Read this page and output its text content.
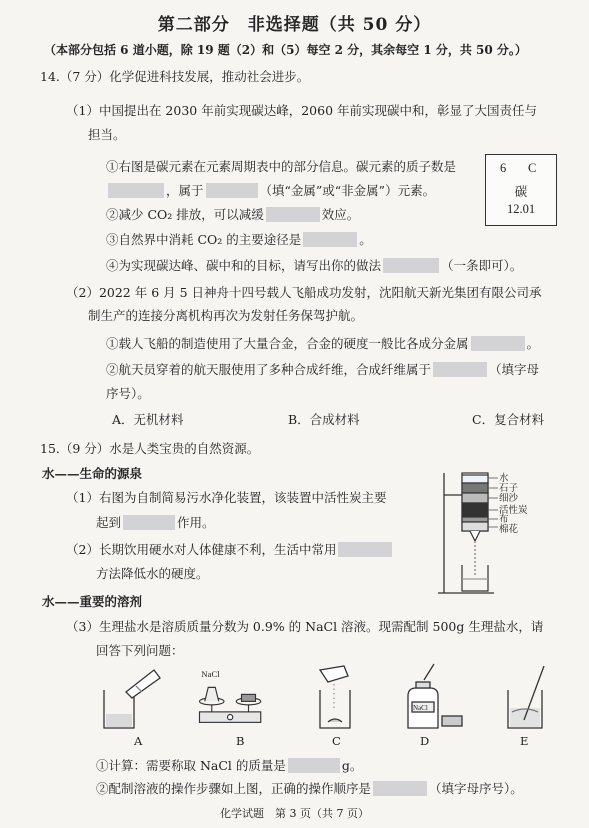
第二部分　非选择题（共 50 分）
（本部分包括 6 道小题，除 19 题（2）和（5）每空 2 分，其余每空 1 分，共 50 分。）
14.（7 分）化学促进科技发展，推动社会进步。
（1）中国提出在 2030 年前实现碳达峰，2060 年前实现碳中和，彰显了大国责任与
担当。
①右图是碳元素在元素周期表中的部分信息。碳元素的质子数是
，属于	（填“金属”或“非金属”）元素。
②减少 CO₂ 排放，可以减缓	效应。
③自然界中消耗 CO₂ 的主要途径是	。
④为实现碳达峰、碳中和的目标，请写出你的做法	（一条即可）。
6 C
碳
12.01
（2）2022 年 6 月 5 日神舟十四号载人飞船成功发射，沈阳航天新光集团有限公司承
制生产的连接分离机构再次为发射任务保驾护航。
①载人飞船的制造使用了大量合金，合金的硬度一般比各成分金属	。
②航天员穿着的航天服使用了多种合成纤维，合成纤维属于	（填字母
序号）。
A．无机材料	B．合成材料	C．复合材料
15.（9 分）水是人类宝贵的自然资源。
水——生命的源泉
（1）右图为自制简易污水净化装置，该装置中活性炭主要
起到	作用。
（2）长期饮用硬水对人体健康不利，生活中常用
方法降低水的硬度。
水——重要的溶剂
（3）生理盐水是溶质质量分数为 0.9% 的 NaCl 溶液。现需配制 500g 生理盐水，请
回答下列问题：
水
石子
细沙
活性炭
布
棉花
NaCl
NaCl
A	B	C	D	E
①计算：需要称取 NaCl 的质量是	g。
②配制溶液的操作步骤如上图，正确的操作顺序是	（填字母序号）。
化学试题　第 3 页（共 7 页）
